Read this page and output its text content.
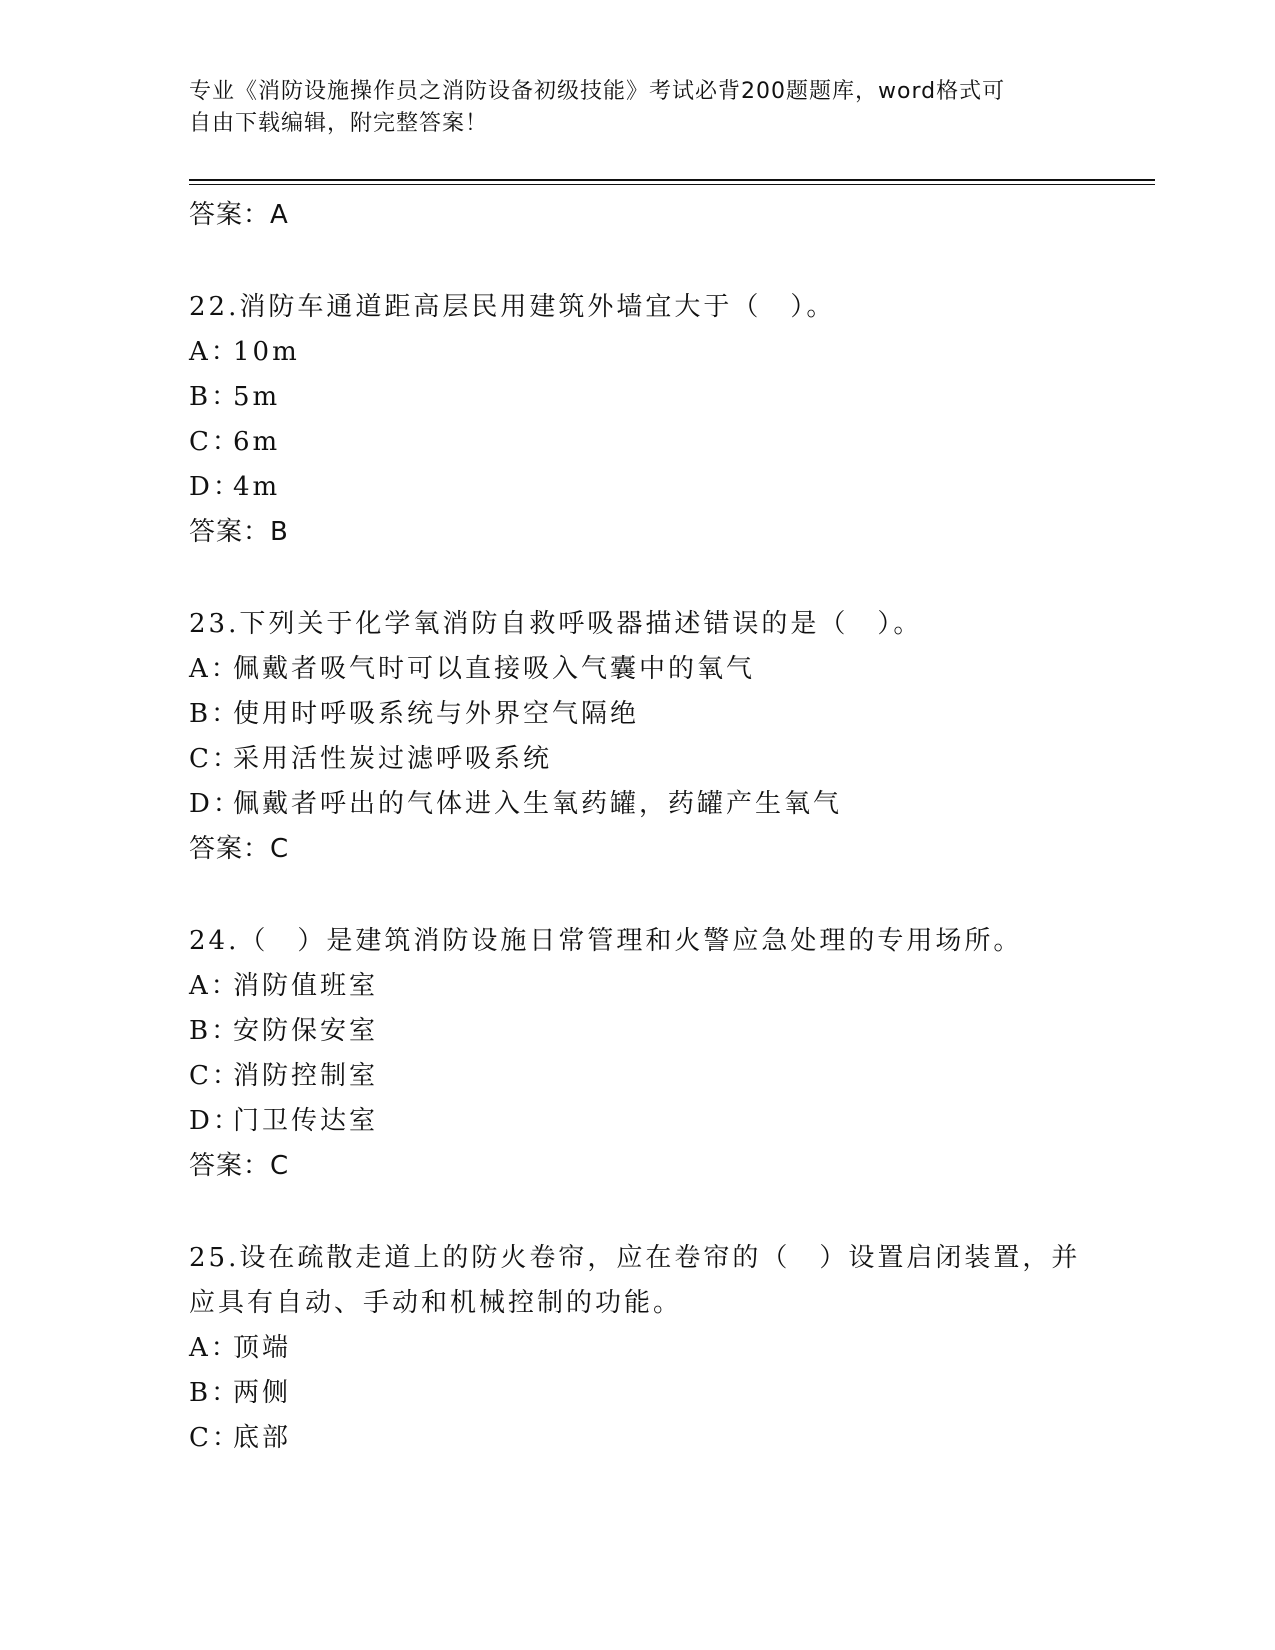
专业《消防设施操作员之消防设备初级技能》考试必背200题题库，word格式可
自由下载编辑，附完整答案！
答案：A
22.消防车通道距高层民用建筑外墙宜大于（　）。
A：10m
B：5m
C：6m
D：4m
答案：B
23.下列关于化学氧消防自救呼吸器描述错误的是（　）。
A：佩戴者吸气时可以直接吸入气囊中的氧气
B：使用时呼吸系统与外界空气隔绝
C：采用活性炭过滤呼吸系统
D：佩戴者呼出的气体进入生氧药罐，药罐产生氧气
答案：C
24.（　）是建筑消防设施日常管理和火警应急处理的专用场所。
A：消防值班室
B：安防保安室
C：消防控制室
D：门卫传达室
答案：C
25.设在疏散走道上的防火卷帘，应在卷帘的（　）设置启闭装置，并应具有自动、手动和机械控制的功能。
A：顶端
B：两侧
C：底部
